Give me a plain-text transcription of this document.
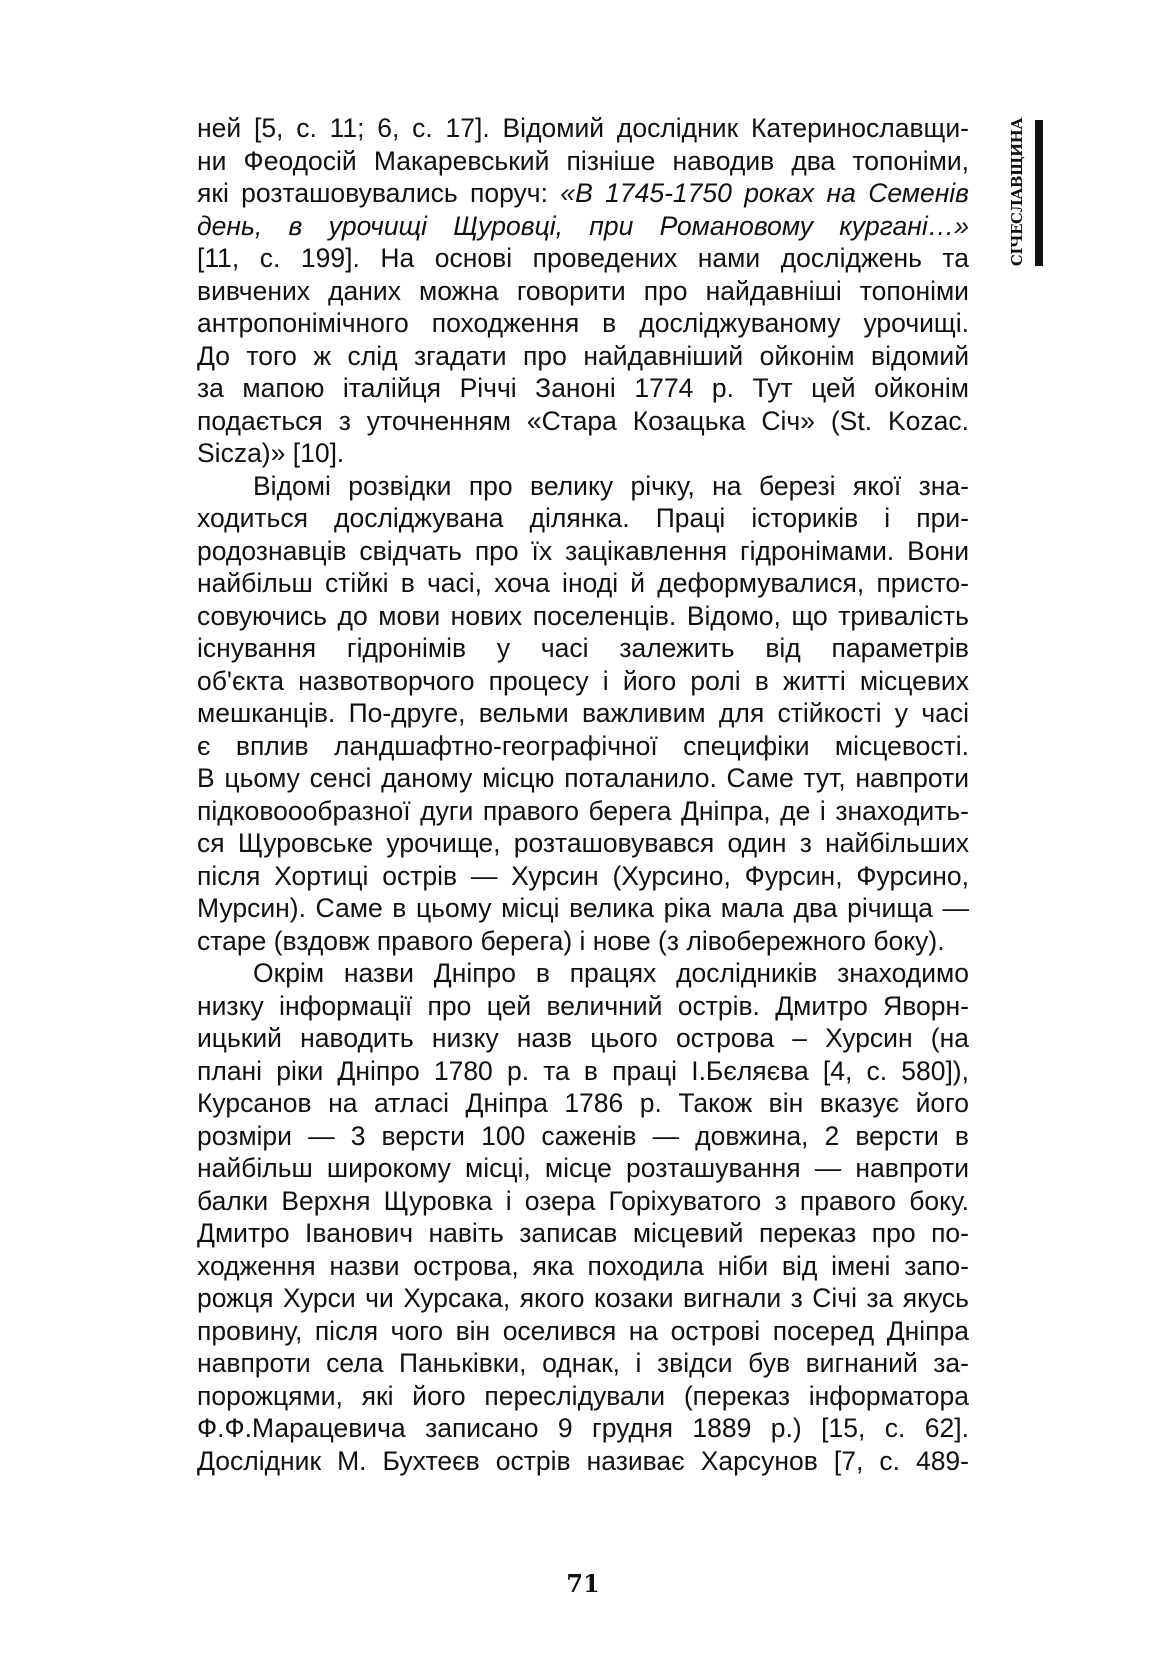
СІЧЕСЛАВЩИНА

ней [5, с. 11; 6, с. 17]. Відомий дослідник Катеринославщи-
ни Феодосій Макаревський пізніше наводив два топоніми,
які розташовувались поруч: «В 1745-1750 роках на Семенів
день, в урочищі Щуровці, при Романовому кургані…»
[11, с. 199]. На основі проведених нами досліджень та
вивчених даних можна говорити про найдавніші топоніми
антропонімічного походження в досліджуваному урочищі.
До того ж слід згадати про найдавніший ойконім відомий
за мапою італійця Річчі Заноні 1774 р. Тут цей ойконім
подається з уточненням «Стара Козацька Січ» (St. Kozac.
Sicza)» [10].

Відомі розвідки про велику річку, на березі якої зна-
ходиться досліджувана ділянка. Праці істориків і при-
родознавців свідчать про їх зацікавлення гідронімами. Вони
найбільш стійкі в часі, хоча іноді й деформувалися, присто-
совуючись до мови нових поселенців. Відомо, що тривалість
існування гідронімів у часі залежить від параметрів
об'єкта назвотворчого процесу і його ролі в житті місцевих
мешканців. По-друге, вельми важливим для стійкості у часі
є вплив ландшафтно-географічної специфіки місцевості.
В цьому сенсі даному місцю поталанило. Саме тут, навпроти
підковоообразної дуги правого берега Дніпра, де і знаходить-
ся Щуровське урочище, розташовувався один з найбільших
після Хортиці острів — Хурсин (Хурсино, Фурсин, Фурсино,
Мурсин). Саме в цьому місці велика ріка мала два річища —
старе (вздовж правого берега) і нове (з лівобережного боку).

Окрім назви Дніпро в працях дослідників знаходимо
низку інформації про цей величний острів. Дмитро Яворн-
ицький наводить низку назв цього острова – Хурсин (на
плані ріки Дніпро 1780 р. та в праці І.Бєляєва [4, с. 580]),
Курсанов на атласі Дніпра 1786 р. Також він вказує його
розміри — 3 версти 100 саженів — довжина, 2 версти в
найбільш широкому місці, місце розташування — навпроти
балки Верхня Щуровка і озера Горіхуватого з правого боку.
Дмитро Іванович навіть записав місцевий переказ про по-
ходження назви острова, яка походила ніби від імені запо-
рожця Хурси чи Хурсака, якого козаки вигнали з Січі за якусь
провину, після чого він оселився на острові посеред Дніпра
навпроти села Паньківки, однак, і звідси був вигнаний за-
порожцями, які його переслідували (переказ інформатора
Ф.Ф.Марацевича записано 9 грудня 1889 р.) [15, с. 62].
Дослідник М. Бухтеєв острів називає Харсунов [7, с. 489-

71
